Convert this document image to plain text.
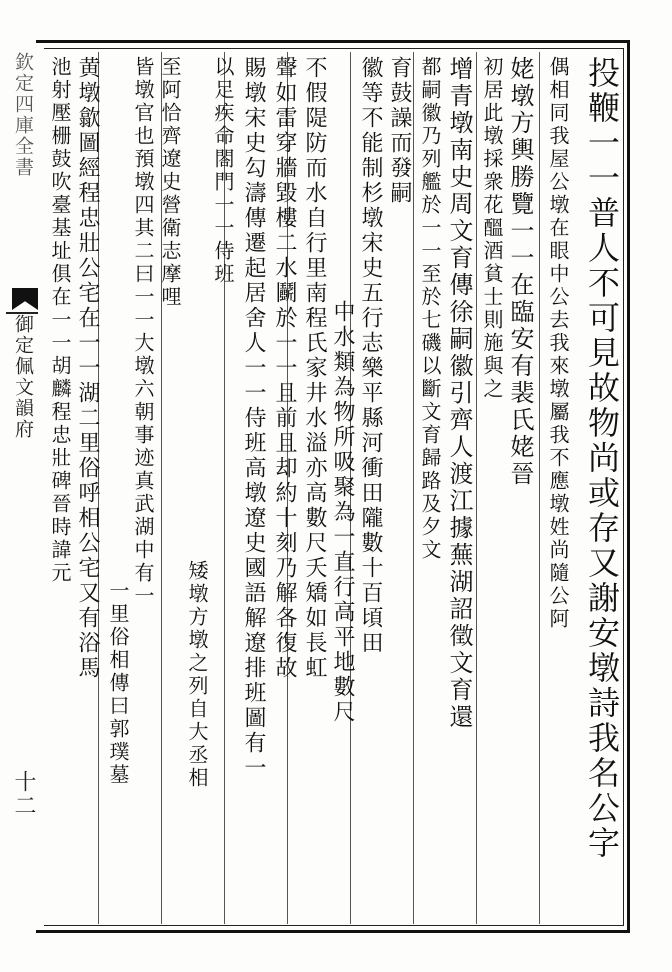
欽定四庫全書
御定佩文韻府
十二	投鞭一一普人不可見故物尚或存又謝安墩詩我名公字
偶相同我屋公墩在眼中公去我來墩屬我不應墩姓尚隨公阿
姥墩方輿勝覽一一在臨安有裴氏姥晉
初居此墩採衆花醞酒貧士則施與之
增青墩南史周文育傳徐嗣徽引齊人渡江據蕪湖詔徵文育還
都嗣徽乃列艦於一一至於七磯以斷文育歸路及夕文
育鼓譟而發嗣
徽等不能制杉墩宋史五行志樂平縣河衝田隴數十百頃田
中水類為物所吸聚為一直行高平地數尺
不假隄防而水自行里南程氏家井水溢亦高數尺夭矯如長虹
聲如雷穿牆毀樓二水鬬於一一且前且却約十刻乃解各復故
賜墩宋史勾濤傳遷起居舍人一一侍班高墩遼史國語解遼排班圖有一
以足疾命閤門一一侍班
矮墩方墩之列自大丞相
至阿恰齊遼史營衛志摩哩
皆墩官也預墩四其二曰一一大墩六朝事迹真武湖中有一
一里俗相傳曰郭璞墓
黄墩歙圖經程忠壯公宅在一一湖二里俗呼相公宅又有浴馬
池射壓栅鼓吹臺基址俱在一一胡麟程忠壯碑晉時諱元
